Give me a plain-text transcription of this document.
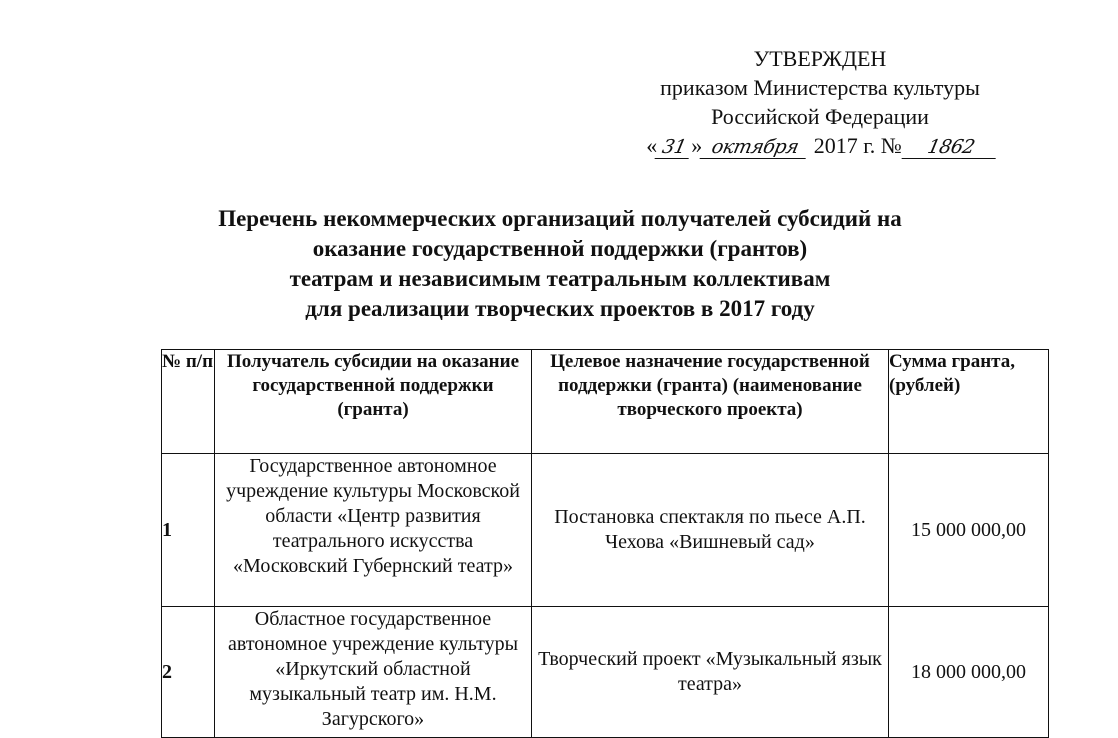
УТВЕРЖДЕН
приказом Министерства культуры
Российской Федерации
« 31 » октября 2017 г. № 1862
Перечень некоммерческих организаций получателей субсидий на
оказание государственной поддержки (грантов)
театрам и независимым театральным коллективам
для реализации творческих проектов в 2017 году
№ п/п	Получатель субсидии на оказание государственной поддержки (гранта)	Целевое назначение государственной поддержки (гранта) (наименование творческого проекта)	Сумма гранта, (рублей)
1	Государственное автономное учреждение культуры Московской области «Центр развития театрального искусства «Московский Губернский театр»	Постановка спектакля по пьесе А.П. Чехова «Вишневый сад»	15 000 000,00
2	Областное государственное автономное учреждение культуры «Иркутский областной музыкальный театр им. Н.М. Загурского»	Творческий проект «Музыкальный язык театра»	18 000 000,00
